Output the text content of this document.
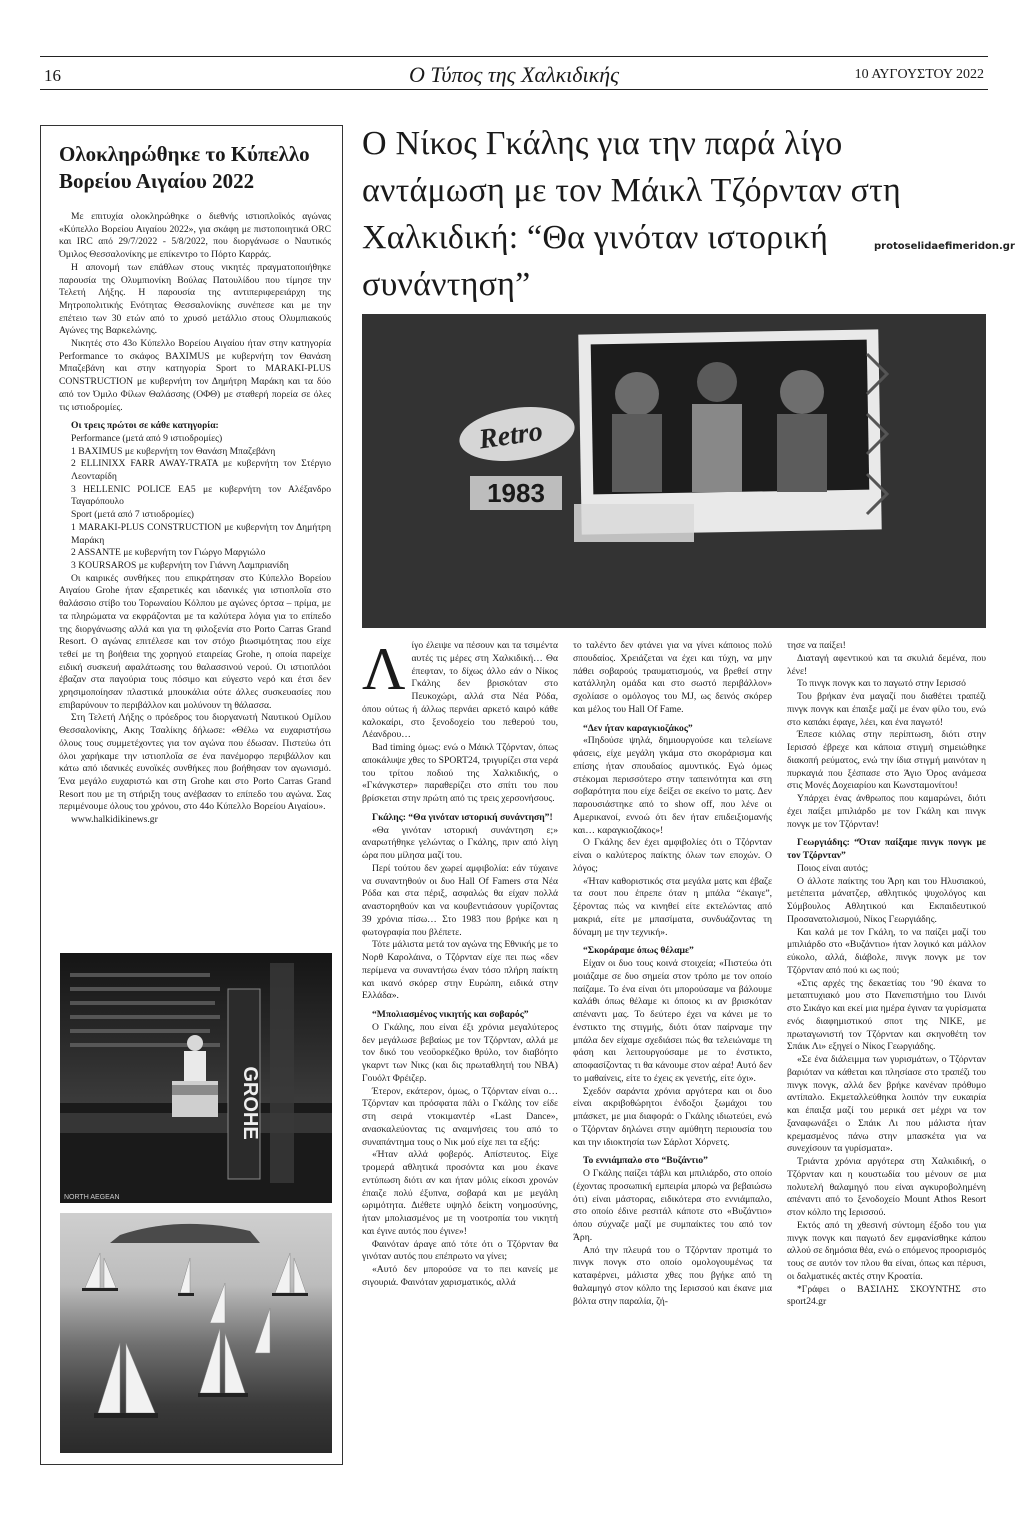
16	Ο Τύπος της Χαλκιδικής	10 ΑΥΓΟΥΣΤΟΥ 2022
Ολοκληρώθηκε το Κύπελλο Βορείου Αιγαίου 2022

Με επιτυχία ολοκληρώθηκε ο διεθνής ιστιοπλοϊκός αγώνας «Κύπελλο Βορείου Αιγαίου 2022», για σκάφη με πιστοποιητικά ORC και IRC από 29/7/2022 - 5/8/2022, που διοργάνωσε ο Ναυτικός Όμιλος Θεσσαλονίκης με επίκεντρο το Πόρτο Καρράς.

Η απονομή των επάθλων στους νικητές πραγματοποιήθηκε παρουσία της Ολυμπιονίκη Βούλας Πατουλίδου που τίμησε την Τελετή Λήξης. Η παρουσία της αντιπεριφερειάρχη της Μητροπολιτικής Ενότητας Θεσσαλονίκης συνέπεσε και με την επέτειο των 30 ετών από το χρυσό μετάλλιο στους Ολυμπιακούς Αγώνες της Βαρκελώνης.

Νικητές στο 43ο Κύπελλο Βορείου Αιγαίου ήταν στην κατηγορία Performance το σκάφος BAXIMUS με κυβερνήτη τον Θανάση Μπαζεβάνη και στην κατηγορία Sport το MARAKI-PLUS CONSTRUCTION με κυβερνήτη τον Δημήτρη Μαράκη και τα δύο από τον Όμιλο Φίλων Θαλάσσης (ΟΦΘ) με σταθερή πορεία σε όλες τις ιστιοδρομίες.

Οι τρεις πρώτοι σε κάθε κατηγορία:

Performance (μετά από 9 ιστιοδρομίες)

1 BAXIMUS με κυβερνήτη τον Θανάση Μπαζεβάνη

2 ELLINIXX FARR AWAY-TRATA με κυβερνήτη τον Στέργιο Λεονταρίδη

3 HELLENIC POLICE EA5 με κυβερνήτη τον Αλέξανδρο Ταγαρόπουλο

Sport (μετά από 7 ιστιοδρομίες)

1 MARAKI-PLUS CONSTRUCTION με κυβερνήτη τον Δημήτρη Μαράκη

2 ASSANTE με κυβερνήτη τον Γιώργο Μαργιώλο

3 KOURSAROS με κυβερνήτη τον Γιάννη Λαμπριανίδη

Οι καιρικές συνθήκες που επικράτησαν στο Κύπελλο Βορείου Αιγαίου Grohe ήταν εξαιρετικές και ιδανικές για ιστιοπλοΐα στο θαλάσσιο στίβο του Τορωναίου Κόλπου με αγώνες όρτσα – πρίμα, με τα πληρώματα να εκφράζονται με τα καλύτερα λόγια για το επίπεδο της διοργάνωσης αλλά και για τη φιλοξενία στο Porto Carras Grand Resort. Ο αγώνας επιτέλεσε και τον στόχο βιωσιμότητας που είχε τεθεί με τη βοήθεια της χορηγού εταιρείας Grohe, η οποία παρείχε ειδική συσκευή αφαλάτωσης του θαλασσινού νερού. Οι ιστιοπλόοι έβαζαν στα παγούρια τους πόσιμο και εύγεστο νερό και έτσι δεν χρησιμοποίησαν πλαστικά μπουκάλια ούτε άλλες συσκευασίες που επιβαρύνουν το περιβάλλον και μολύνουν τη θάλασσα.

Στη Τελετή Λήξης ο πρόεδρος του διοργανωτή Ναυτικού Ομίλου Θεσσαλονίκης, Ακης Τσαλίκης δήλωσε: «Θέλω να ευχαριστήσω όλους τους συμμετέχοντες για τον αγώνα που έδωσαν. Πιστεύω ότι όλοι χαρήκαμε την ιστιοπλοΐα σε ένα πανέμορφο περιβάλλον και κάτω από ιδανικές ευνοϊκές συνθήκες που βοήθησαν τον αγωνισμό. Ένα μεγάλο ευχαριστώ και στη Grohe και στο Porto Carras Grand Resort που με τη στήριξη τους ανέβασαν το επίπεδο του αγώνα. Σας περιμένουμε όλους του χρόνου, στο 44ο Κύπελλο Βορείου Αιγαίου».

www.halkidikinews.gr

GROHE
NORTH AEGEAN
Ο Νίκος Γκάλης για την παρά λίγο αντάμωση με τον Μάικλ Τζόρνταν στη Χαλκιδική: “Θα γινόταν ιστορική συνάντηση”
protoselidaefimeridon.gr
Retro
1983
Λ ίγο έλειψε να πέσουν και τα τσιμέντα αυτές τις μέρες στη Χαλκιδική… Θα έπεφταν, το δίχως άλλο εάν ο Νίκος Γκάλης δεν βρισκόταν στο Πευκοχώρι, αλλά στα Νέα Ρόδα, όπου ούτως ή άλλως περνάει αρκετό καιρό κάθε καλοκαίρι, στο ξενοδοχείο του πεθερού του, Λέανδρου…

Bad timing όμως: ενώ ο Μάικλ Τζόρνταν, όπως αποκάλυψε χθες το SPORT24, τριγυρίζει στα νερά του τρίτου ποδιού της Χαλκιδικής, ο «Γκάνγκστερ» παραθερίζει στο σπίτι του που βρίσκεται στην πρώτη από τις τρεις χερσονήσους.

Γκάλης: “Θα γινόταν ιστορική συνάντηση”!

«Θα γινόταν ιστορική συνάντηση ε;» αναρωτήθηκε γελώντας ο Γκάλης, πριν από λίγη ώρα που μίλησα μαζί του.

Περί τούτου δεν χωρεί αμφιβολία: εάν τύχαινε να συναντηθούν οι δυο Hall Of Famers στα Νέα Ρόδα και στα πέριξ, ασφαλώς θα είχαν πολλά αναστορηθούν και να κουβεντιάσουν γυρίζοντας 39 χρόνια πίσω… Στο 1983 που βρήκε και η φωτογραφία που βλέπετε.

Τότε μάλιστα μετά τον αγώνα της Εθνικής με το Νορθ Καρολάινα, ο Τζόρνταν είχε πει πως «δεν περίμενα να συναντήσω έναν τόσο πλήρη παίκτη και ικανό σκόρερ στην Ευρώπη, ειδικά στην Ελλάδα».

“Μπολιασμένος νικητής και σοβαρός”

Ο Γκάλης, που είναι έξι χρόνια μεγαλύτερος δεν μεγάλωσε βεβαίως με τον Τζόρνταν, αλλά με τον δικό του νεοϋορκέζικο θρύλο, τον διαβόητο γκαρντ των Νικς (και δις πρωταθλητή του NBA) Γουόλτ Φρέιζερ.

Έτερον, εκάτερον, όμως, ο Τζόρνταν είναι ο… Τζόρνταν και πρόσφατα πάλι ο Γκάλης τον είδε στη σειρά ντοκιμαντέρ «Last Dance», ανασκαλεύοντας τις αναμνήσεις του από το συναπάντημα τους ο Νικ μού είχε πει τα εξής:

«Ήταν αλλά φοβερός. Απίστευτος. Είχε τρομερά αθλητικά προσόντα και μου έκανε εντύπωση διότι αν και ήταν μόλις είκοσι χρονών έπαιζε πολύ έξυπνα, σοβαρά και με μεγάλη ωριμότητα. Διέθετε υψηλό δείκτη νοημοσύνης, ήταν μπολιασμένος με τη νοοτροπία του νικητή και έγινε αυτός που έγινε»!

Φαινόταν άραγε από τότε ότι ο Τζόρνταν θα γινόταν αυτός που επέπρωτο να γίνει;

«Αυτό δεν μπορούσε να το πει κανείς με σιγουριά. Φαινόταν χαρισματικός, αλλά

το ταλέντο δεν φτάνει για να γίνει κάποιος πολύ σπουδαίος. Χρειάζεται να έχει και τύχη, να μην πάθει σοβαρούς τραυματισμούς, να βρεθεί στην κατάλληλη ομάδα και στο σωστό περιβάλλον» σχολίασε ο ομόλογος του MJ, ως δεινός σκόρερ και μέλος του Hall Of Fame.

“Δεν ήταν καραγκιοζάκος”

«Πηδούσε ψηλά, δημιουργούσε και τελείωνε φάσεις, είχε μεγάλη γκάμα στο σκοράρισμα και επίσης ήταν σπουδαίος αμυντικός. Εγώ όμως στέκομαι περισσότερο στην ταπεινότητα και στη σοβαρότητα που είχε δείξει σε εκείνο το ματς. Δεν παρουσιάστηκε από το show off, που λένε οι Αμερικανοί, εννοώ ότι δεν ήταν επιδειξιομανής και… καραγκιοζάκος»!

Ο Γκάλης δεν έχει αμφιβολίες ότι ο Τζόρνταν είναι ο καλύτερος παίκτης όλων των εποχών. Ο λόγος;

«Ήταν καθοριστικός στα μεγάλα ματς και έβαζε τα σουτ που έπρεπε όταν η μπάλα “έκαιγε”, ξέροντας πώς να κινηθεί είτε εκτελώντας από μακριά, είτε με μπασίματα, συνδυάζοντας τη δύναμη με την τεχνική».

“Σκοράραμε όπως θέλαμε”

Είχαν οι δυο τους κοινά στοιχεία; «Πιστεύω ότι μοιάζαμε σε δυο σημεία στον τρόπο με τον οποίο παίζαμε. Το ένα είναι ότι μπορούσαμε να βάλουμε καλάθι όπως θέλαμε κι όποιος κι αν βρισκόταν απέναντι μας. Το δεύτερο έχει να κάνει με το ένστικτο της στιγμής, διότι όταν παίρναμε την μπάλα δεν είχαμε σχεδιάσει πώς θα τελειώναμε τη φάση και λειτουργούσαμε με το ένστικτο, αποφασίζοντας τι θα κάνουμε στον αέρα! Αυτό δεν το μαθαίνεις, είτε το έχεις εκ γενετής, είτε όχι».

Σχεδόν σαράντα χρόνια αργότερα και οι δυο είναι ακριβοθώρητοι ένδοξοι ξωμάχοι του μπάσκετ, με μια διαφορά: ο Γκάλης ιδιωτεύει, ενώ ο Τζόρνταν δηλώνει στην αμύθητη περιουσία του και την ιδιοκτησία των Σάρλοτ Χόρνετς.

Το εννιάμπαλο στο “Βυζάντιο”

Ο Γκάλης παίζει τάβλι και μπιλιάρδο, στο οποίο (έχοντας προσωπική εμπειρία μπορώ να βεβαιώσω ότι) είναι μάστορας, ειδικότερα στο εννιάμπαλο, στο οποίο έδινε ρεσιτάλ κάποτε στο «Βυζάντιο» όπου σύχναζε μαζί με συμπαίκτες του από τον Άρη.

Από την πλευρά του ο Τζόρνταν προτιμά το πινγκ πονγκ στο οποίο ομολογουμένως τα καταφέρνει, μάλιστα χθες που βγήκε από τη θαλαμηγό στον κόλπο της Ιερισσού και έκανε μια βόλτα στην παραλία, ζή-

τησε να παίξει!

Διαταγή αφεντικού και τα σκυλιά δεμένα, που λένε!

Το πινγκ πονγκ και το παγωτό στην Ιερισσό

Του βρήκαν ένα μαγαζί που διαθέτει τραπέζι πινγκ πονγκ και έπαιξε μαζί με έναν φίλο του, ενώ στο καπάκι έφαγε, λέει, και ένα παγωτό!

Έπεσε κιόλας στην περίπτωση, διότι στην Ιερισσό έβρεχε και κάποια στιγμή σημειώθηκε διακοπή ρεύματος, ενώ την ίδια στιγμή μαινόταν η πυρκαγιά που ξέσπασε στο Άγιο Όρος ανάμεσα στις Μονές Δοχειαρίου και Κωνσταμονίτου!

Υπάρχει ένας άνθρωπος που καμαρώνει, διότι έχει παίξει μπιλιάρδο με τον Γκάλη και πινγκ πονγκ με τον Τζόρνταν!

Γεωργιάδης: “Όταν παίξαμε πινγκ πονγκ με τον Τζόρνταν”

Ποιος είναι αυτός;

Ο άλλοτε παίκτης του Άρη και του Ηλυσιακού, μετέπειτα μάνατζερ, αθλητικός ψυχολόγος και Σύμβουλος Αθλητικού και Εκπαιδευτικού Προσανατολισμού, Νίκος Γεωργιάδης.

Και καλά με τον Γκάλη, το να παίζει μαζί του μπιλιάρδο στο «Βυζάντιο» ήταν λογικό και μάλλον εύκολο, αλλά, διάβολε, πινγκ πονγκ με τον Τζόρνταν από πού κι ως πού;

«Στις αρχές της δεκαετίας του ’90 έκανα το μεταπτυχιακό μου στο Πανεπιστήμιο του Ιλινόι στο Σικάγο και εκεί μια ημέρα έγιναν τα γυρίσματα ενός διαφημιστικού σποτ της NIKE, με πρωταγωνιστή τον Τζόρνταν και σκηνοθέτη τον Σπάικ Λι» εξηγεί ο Νίκος Γεωργιάδης.

«Σε ένα διάλειμμα των γυρισμάτων, ο Τζόρνταν βαριόταν να κάθεται και πλησίασε στο τραπέζι του πινγκ πονγκ, αλλά δεν βρήκε κανέναν πρόθυμο αντίπαλο. Εκμεταλλεύθηκα λοιπόν την ευκαιρία και έπαιξα μαζί του μερικά σετ μέχρι να τον ξαναφωνάξει ο Σπάικ Λι που μάλιστα ήταν κρεμασμένος πάνω στην μπασκέτα για να συνεχίσουν τα γυρίσματα».

Τριάντα χρόνια αργότερα στη Χαλκιδική, ο Τζόρνταν και η κουστωδία του μένουν σε μια πολυτελή θαλαμηγό που είναι αγκυροβολημένη απέναντι από το ξενοδοχείο Mount Athos Resort στον κόλπο της Ιερισσού.

Εκτός από τη χθεσινή σύντομη έξοδο του για πινγκ πονγκ και παγωτό δεν εμφανίσθηκε κάπου αλλού σε δημόσια θέα, ενώ ο επόμενος προορισμός τους σε αυτόν τον πλου θα είναι, όπως και πέρυσι, οι δαλματικές ακτές στην Κροατία.

*Γράφει ο ΒΑΣΙΛΗΣ ΣΚΟΥΝΤΗΣ στο sport24.gr
